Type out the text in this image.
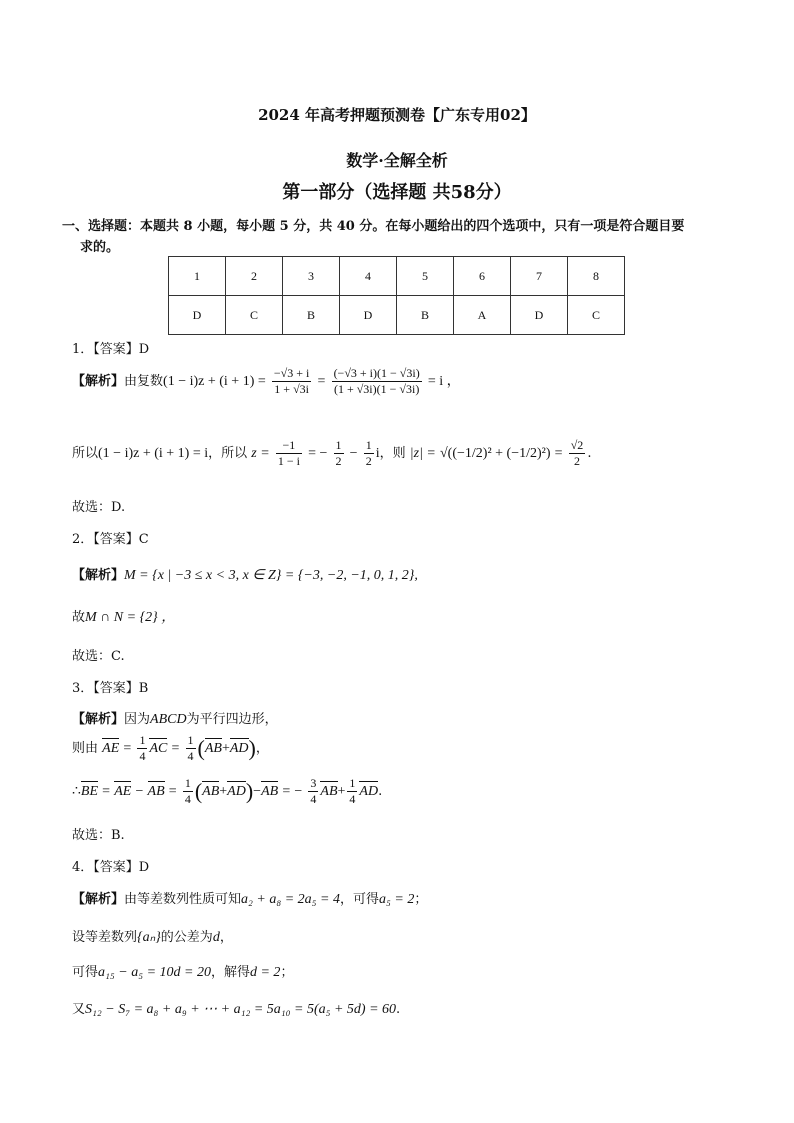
2024 年高考押题预测卷【广东专用02】
数学·全解全析
第一部分（选择题 共58分）
一、选择题：本题共 8 小题，每小题 5 分，共 40 分。在每小题给出的四个选项中，只有一项是符合题目要
求的。
1	2	3	4	5	6	7	8
D	C	B	D	B	A	D	C
1．【答案】D
【解析】由复数$(1 - i)z + (i + 1) = \frac{-√3 + i}{1 + √3i} = \frac{(-√3 + i)(1 - √3i)}{(1 + √3i)(1 - √3i)} = i$ ，
所以(1 − i)z + (i + 1) = i，所以 $z = \frac{-1}{1 - i}$ = − $\frac{1}{2} - \frac{1}{2}$ i，则 $|z| = √((-1/2)^2 + (-1/2)^2) = \frac{√2}{2}$ .
故选：D.
2．【答案】C
【解析】M = {x | −3 ≤ x < 3, x ∈ Z} = {−3, −2, −1, 0, 1, 2},
故M ∩ N = {2} ，
故选：C.
3．【答案】B
【解析】因为ABCD为平行四边形，
则由 AE = $\frac{1}{4}$ AC = $\frac{1}{4} (AB+AD)$，
∴BE = AE − AB = $\frac{1}{4} (AB+AD)-AB$ = − $\frac{3}{4} AB+ \frac{1}{4}$ AD.
故选：B.
4．【答案】D
【解析】由等差数列性质可知a₂ + a₈ = 2a₅ = 4，可得a₅ = 2；
设等差数列{aₙ}的公差为d，
可得a₁₅ − a₅ = 10d = 20，解得d = 2；
又S₁₂ − S₇ = a₈ + a₉ + ⋯ + a₁₂ = 5a₁₀ = 5(a₅ + 5d) = 60.
